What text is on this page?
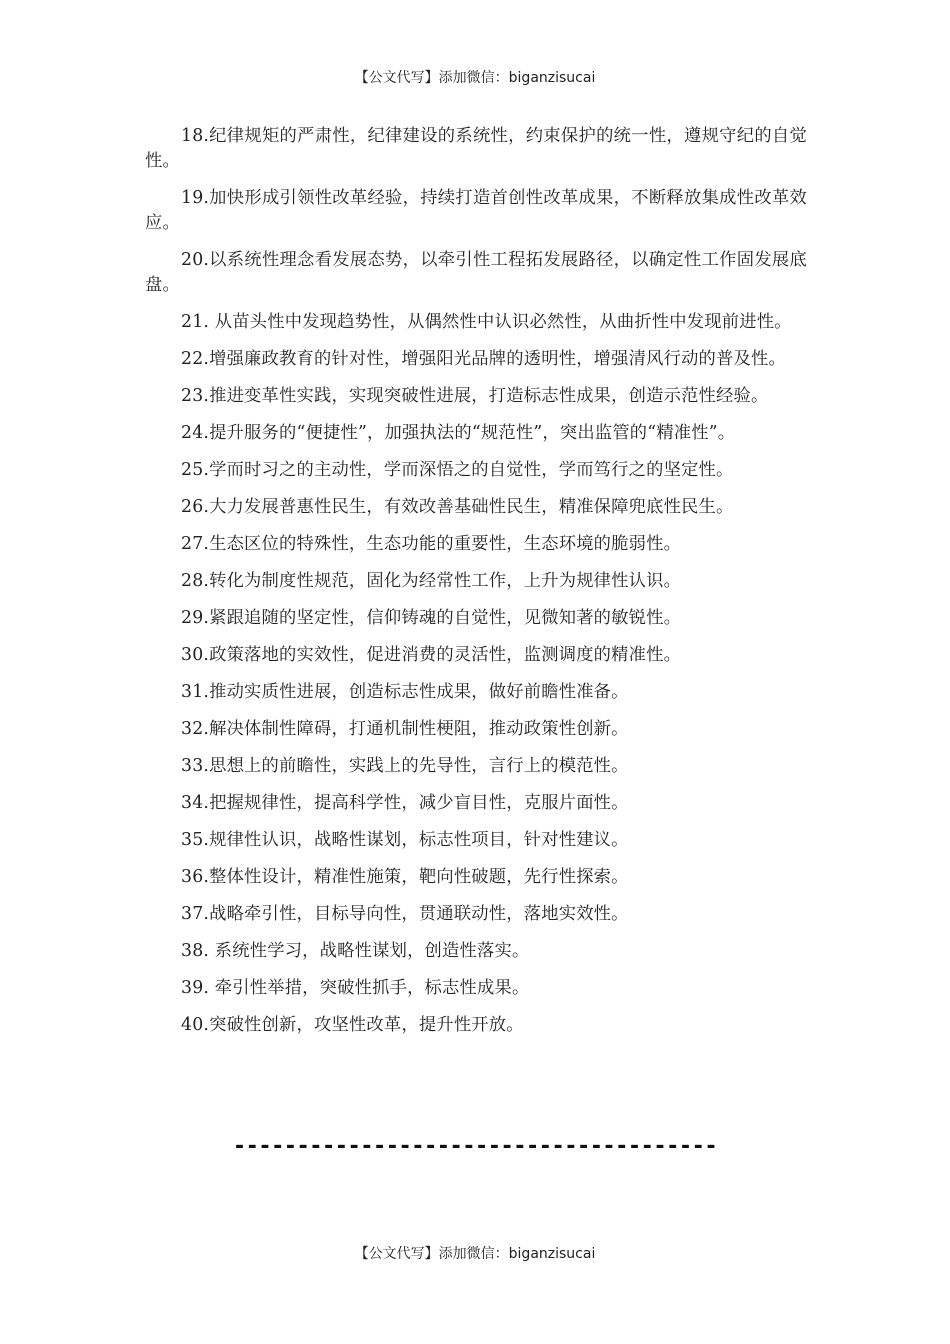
【公文代写】添加微信：biganzisucai

18.纪律规矩的严肃性，纪律建设的系统性，约束保护的统一性，遵规守纪的自觉性。

19.加快形成引领性改革经验，持续打造首创性改革成果，不断释放集成性改革效应。

20.以系统性理念看发展态势，以牵引性工程拓发展路径，以确定性工作固发展底盘。

21. 从苗头性中发现趋势性，从偶然性中认识必然性，从曲折性中发现前进性。

22.增强廉政教育的针对性，增强阳光品牌的透明性，增强清风行动的普及性。

23.推进变革性实践，实现突破性进展，打造标志性成果，创造示范性经验。

24.提升服务的“便捷性”，加强执法的“规范性”，突出监管的“精准性”。

25.学而时习之的主动性，学而深悟之的自觉性，学而笃行之的坚定性。

26.大力发展普惠性民生，有效改善基础性民生，精准保障兜底性民生。

27.生态区位的特殊性，生态功能的重要性，生态环境的脆弱性。

28.转化为制度性规范，固化为经常性工作，上升为规律性认识。

29.紧跟追随的坚定性，信仰铸魂的自觉性，见微知著的敏锐性。

30.政策落地的实效性，促进消费的灵活性，监测调度的精准性。

31.推动实质性进展，创造标志性成果，做好前瞻性准备。

32.解决体制性障碍，打通机制性梗阻，推动政策性创新。

33.思想上的前瞻性，实践上的先导性，言行上的模范性。

34.把握规律性，提高科学性，减少盲目性，克服片面性。

35.规律性认识，战略性谋划，标志性项目，针对性建议。

36.整体性设计，精准性施策，靶向性破题，先行性探索。

37.战略牵引性，目标导向性，贯通联动性，落地实效性。

38. 系统性学习，战略性谋划，创造性落实。

39. 牵引性举措，突破性抓手，标志性成果。

40.突破性创新，攻坚性改革，提升性开放。

--------------------------------------
【公文代写】添加微信：biganzisucai
